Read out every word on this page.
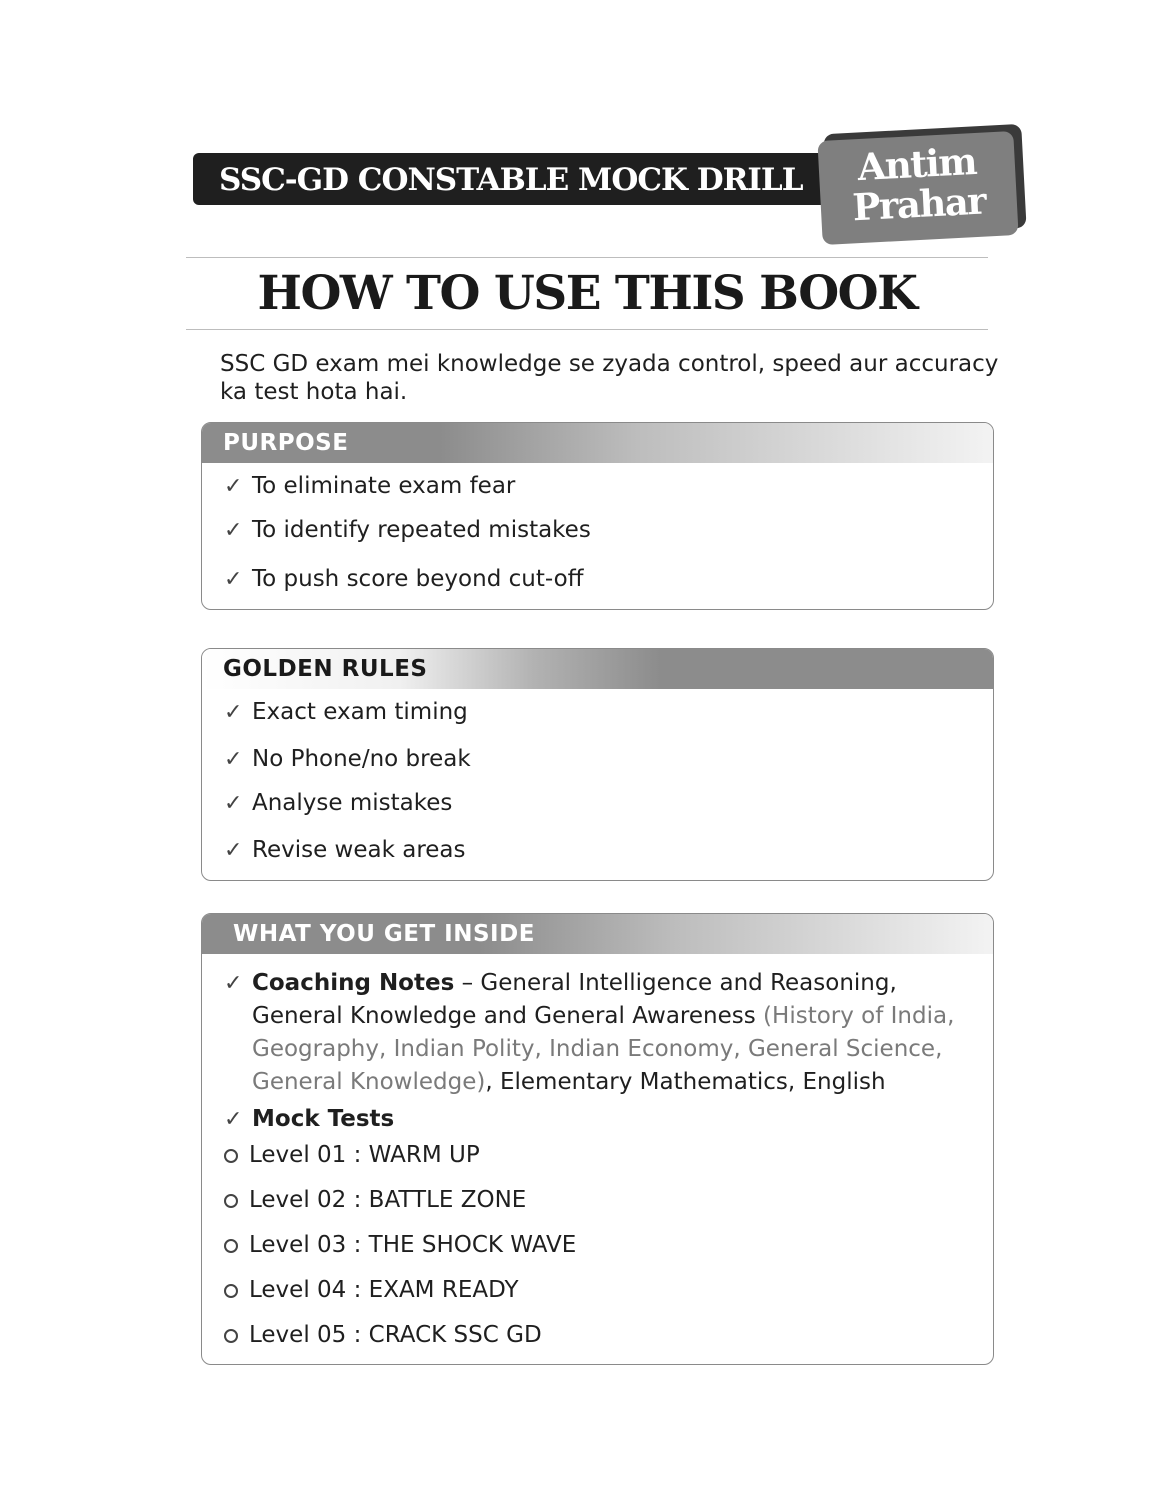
SSC-GD CONSTABLE MOCK DRILL	Antim
Prahar
HOW TO USE THIS BOOK
SSC GD exam mei knowledge se zyada control, speed aur accuracy ka test hota hai.
PURPOSE
✓ To eliminate exam fear
✓ To identify repeated mistakes
✓ To push score beyond cut-off
GOLDEN RULES
✓ Exact exam timing
✓ No Phone/no break
✓ Analyse mistakes
✓ Revise weak areas
WHAT YOU GET INSIDE
✓ Coaching Notes – General Intelligence and Reasoning, General Knowledge and General Awareness (History of India, Geography, Indian Polity, Indian Economy, General Science, General Knowledge), Elementary Mathematics, English
✓ Mock Tests
Level 01 : WARM UP
Level 02 : BATTLE ZONE
Level 03 : THE SHOCK WAVE
Level 04 : EXAM READY
Level 05 : CRACK SSC GD
